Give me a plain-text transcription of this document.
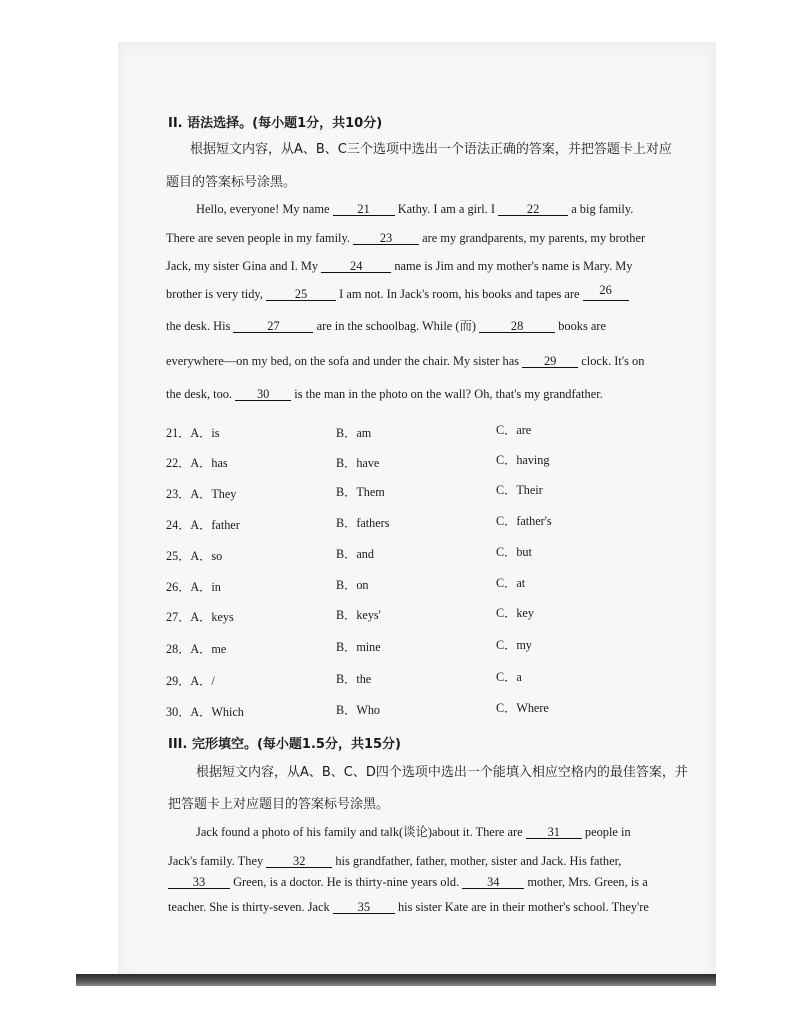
II. 语法选择。(每小题1分，共10分)
根据短文内容，从A、B、C三个选项中选出一个语法正确的答案，并把答题卡上对应
题目的答案标号涂黑。
Hello, everyone! My name 21 Kathy. I am a girl. I	22	a big family.
There are seven people in my family. 23 are my grandparents, my parents, my brother
Jack, my sister Gina and I. My	24	name is Jim and my mother's name is Mary. My
brother is very tidy,	25	I am not. In Jack's room, his books and tapes are 26
the desk. His	27	are in the schoolbag. While (而)	28	books are
everywhere—on my bed, on the sofa and under the chair. My sister has 29 clock. It's on
the desk, too. 30 is the man in the photo on the wall? Oh, that's my grandfather.
21．A．is	B．am	C．are
22．A．has	B．have	C．having
23．A．They	B．Them	C．Their
24．A．father	B．fathers	C．father's
25．A．so	B．and	C．but
26．A．in	B．on	C．at
27．A．keys	B．keys'	C．key
28．A．me	B．mine	C．my
29．A．/	B．the	C．a
30．A．Which	B．Who	C．Where
III. 完形填空。(每小题1.5分，共15分)
根据短文内容，从A、B、C、D四个选项中选出一个能填入相应空格内的最佳答案，并
把答题卡上对应题目的答案标号涂黑。
Jack found a photo of his family and talk(谈论)about it. There are 31 people in
Jack's family. They 32 his grandfather, father, mother, sister and Jack. His father,
33 Green, is a doctor. He is thirty-nine years old. 34 mother, Mrs. Green, is a
teacher. She is thirty-seven. Jack 35 his sister Kate are in their mother's school. They're
